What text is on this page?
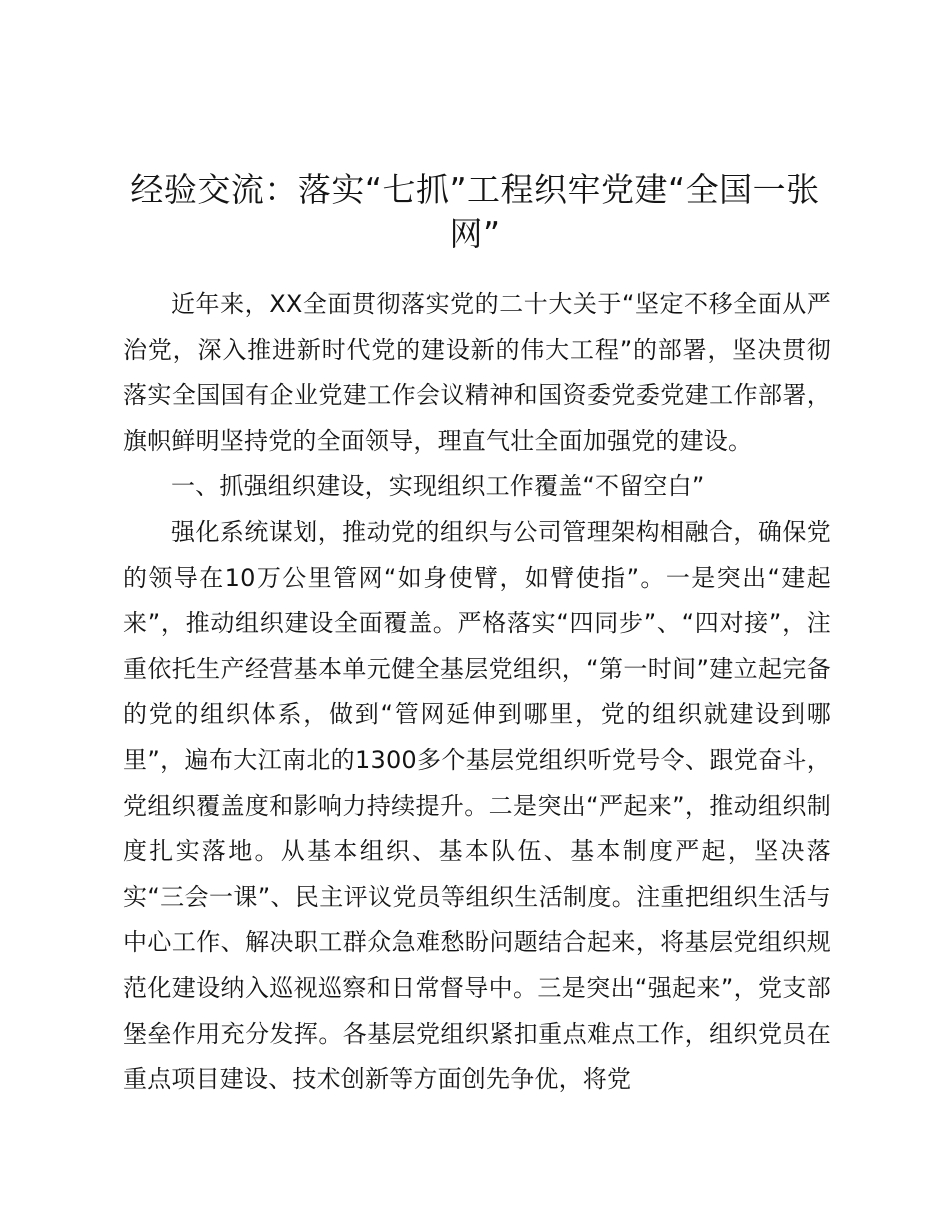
经验交流：落实“七抓”工程织牢党建“全国一张网”

近年来，XX全面贯彻落实党的二十大关于“坚定不移全面从严治党，深入推进新时代党的建设新的伟大工程”的部署，坚决贯彻落实全国国有企业党建工作会议精神和国资委党委党建工作部署，旗帜鲜明坚持党的全面领导，理直气壮全面加强党的建设。

一、抓强组织建设，实现组织工作覆盖“不留空白”

强化系统谋划，推动党的组织与公司管理架构相融合，确保党的领导在10万公里管网“如身使臂，如臂使指”。一是突出“建起来”，推动组织建设全面覆盖。严格落实“四同步”、“四对接”，注重依托生产经营基本单元健全基层党组织，“第一时间”建立起完备的党的组织体系，做到“管网延伸到哪里，党的组织就建设到哪里”，遍布大江南北的1300多个基层党组织听党号令、跟党奋斗，党组织覆盖度和影响力持续提升。二是突出“严起来”，推动组织制度扎实落地。从基本组织、基本队伍、基本制度严起，坚决落实“三会一课”、民主评议党员等组织生活制度。注重把组织生活与中心工作、解决职工群众急难愁盼问题结合起来，将基层党组织规范化建设纳入巡视巡察和日常督导中。三是突出“强起来”，党支部堡垒作用充分发挥。各基层党组织紧扣重点难点工作，组织党员在重点项目建设、技术创新等方面创先争优，将党
